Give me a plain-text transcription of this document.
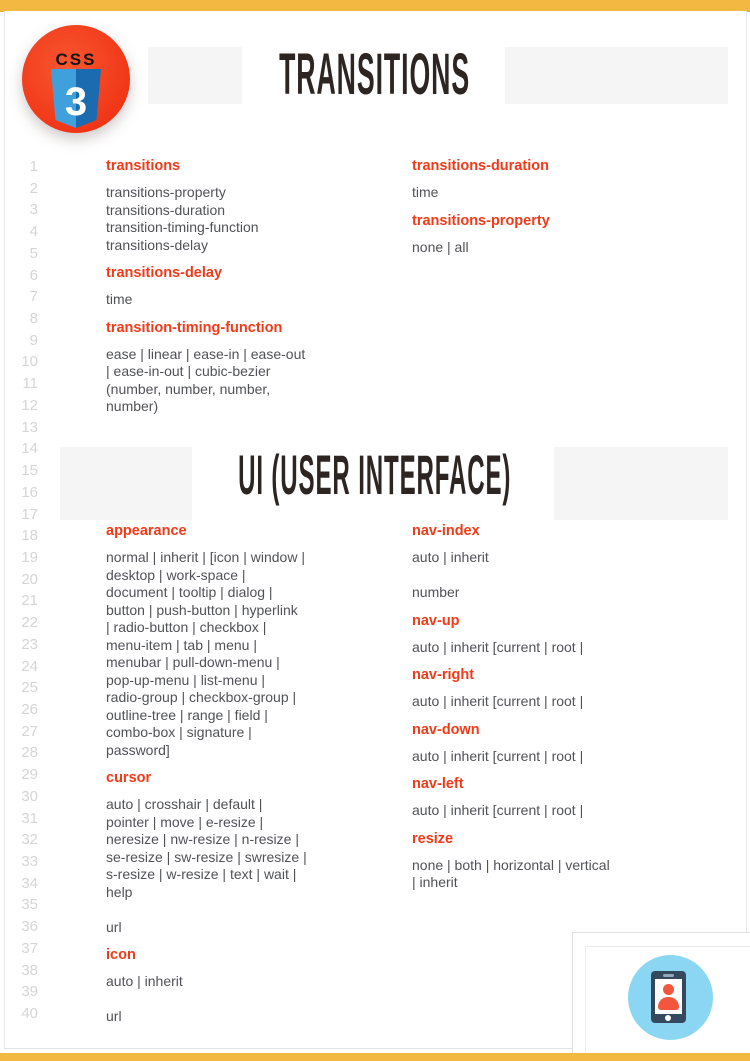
TRANSITIONS
UI (USER INTERFACE)
CSS
3
1
2
3
4
5
6
7
8
9
10
11
12
13
14
15
16
17
18
19
20
21
22
23
24
25
26
27
28
29
30
31
32
33
34
35
36
37
38
39
40
transitions
transitions-property
transitions-duration
transition-timing-function
transitions-delay
transitions-delay
time
transition-timing-function
ease | linear | ease-in | ease-out
| ease-in-out | cubic-bezier
(number, number, number,
number)
transitions-duration
time
transitions-property
none | all
appearance
normal | inherit | [icon | window |
desktop | work-space |
document | tooltip | dialog |
button | push-button | hyperlink
| radio-button | checkbox |
menu-item | tab | menu |
menubar | pull-down-menu |
pop-up-menu | list-menu |
radio-group | checkbox-group |
outline-tree | range | field |
combo-box | signature |
password]
cursor
auto | crosshair | default |
pointer | move | e-resize |
neresize | nw-resize | n-resize |
se-resize | sw-resize | swresize |
s-resize | w-resize | text | wait |
help

url
icon
auto | inherit

url
nav-index
auto | inherit

number
nav-up
auto | inherit [current | root |
nav-right
auto | inherit [current | root |
nav-down
auto | inherit [current | root |
nav-left
auto | inherit [current | root |
resize
none | both | horizontal | vertical
| inherit
